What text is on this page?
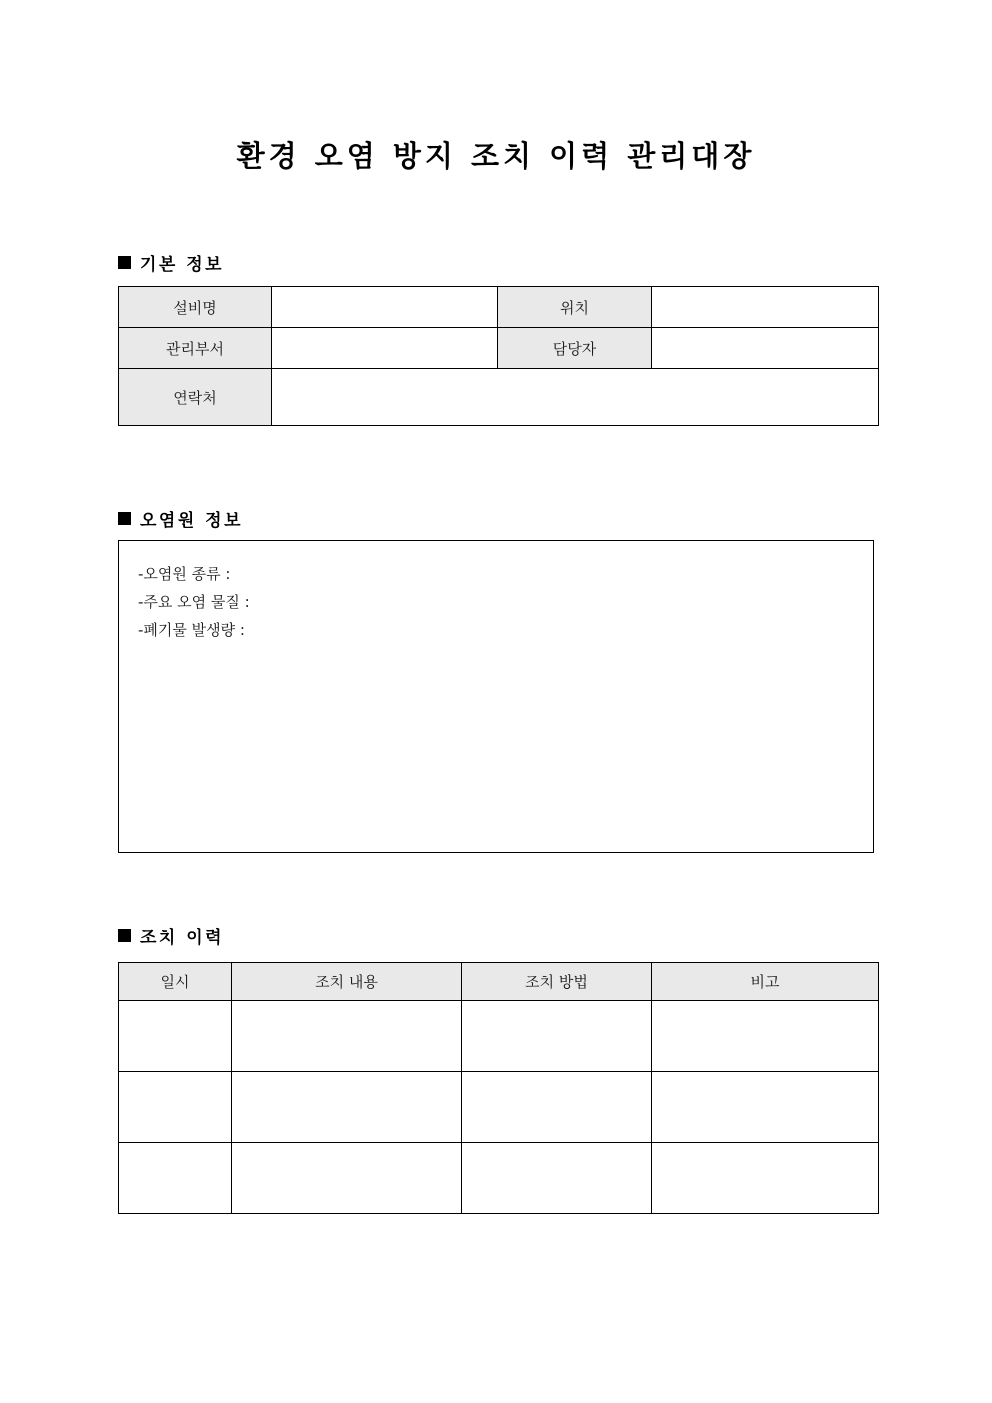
환경 오염 방지 조치 이력 관리대장
기본 정보
설비명		위치	
관리부서		담당자	
연락처			
오염원 정보
-오염원 종류 :
-주요 오염 물질 :
-폐기물 발생량 :
조치 이력
일시	조치 내용	조치 방법	비고
